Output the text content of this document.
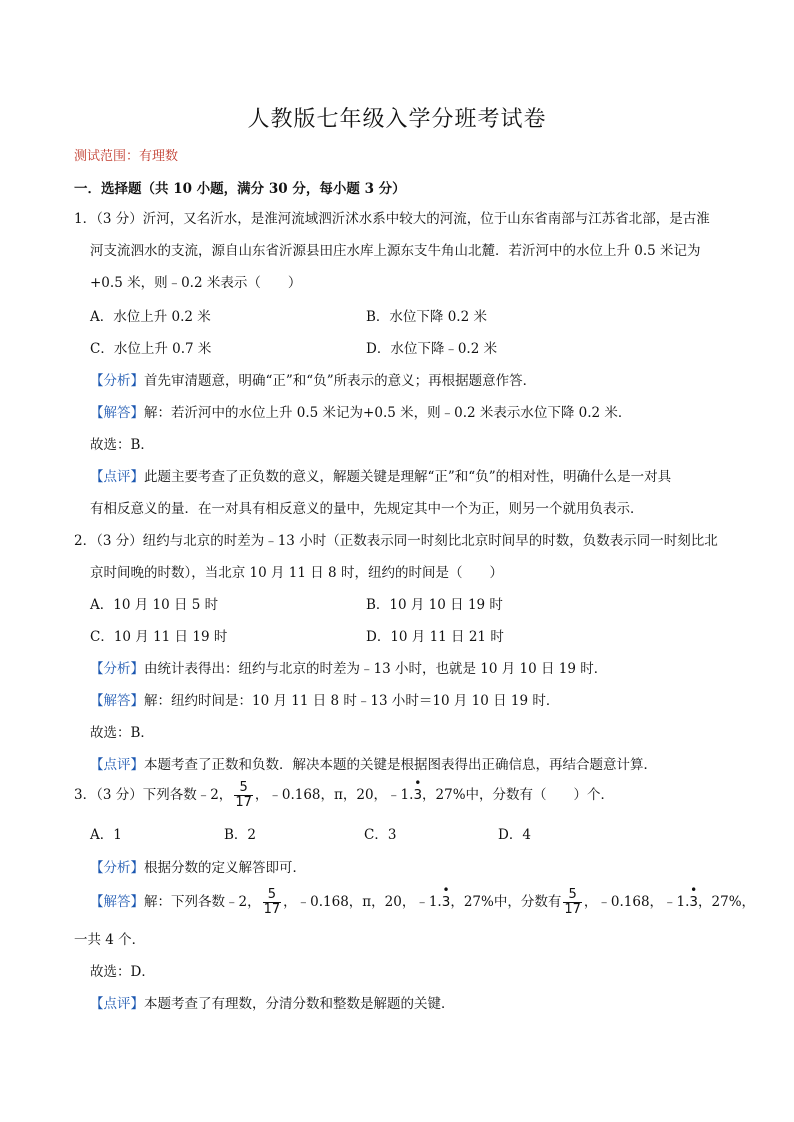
人教版七年级入学分班考试卷
测试范围：有理数
一．选择题（共 10 小题，满分 30 分，每小题 3 分）
1．（3 分）沂河，又名沂水，是淮河流域泗沂沭水系中较大的河流，位于山东省南部与江苏省北部，是古淮
河支流泗水的支流，源自山东省沂源县田庄水库上源东支牛角山北麓．若沂河中的水位上升 0.5 米记为
+0.5 米，则﹣0.2 米表示（　　）
A．水位上升 0.2 米	B．水位下降 0.2 米
C．水位上升 0.7 米	D．水位下降﹣0.2 米
【分析】首先审清题意，明确“正”和“负”所表示的意义；再根据题意作答．
【解答】解：若沂河中的水位上升 0.5 米记为+0.5 米，则﹣0.2 米表示水位下降 0.2 米．
故选：B．
【点评】此题主要考查了正负数的意义，解题关键是理解“正”和“负”的相对性，明确什么是一对具
有相反意义的量．在一对具有相反意义的量中，先规定其中一个为正，则另一个就用负表示．
2．（3 分）纽约与北京的时差为﹣13 小时（正数表示同一时刻比北京时间早的时数，负数表示同一时刻比北
京时间晚的时数），当北京 10 月 11 日 8 时，纽约的时间是（　　）
A．10 月 10 日 5 时	B．10 月 10 日 19 时
C．10 月 11 日 19 时	D．10 月 11 日 21 时
【分析】由统计表得出：纽约与北京的时差为﹣13 小时，也就是 10 月 10 日 19 时．
【解答】解：纽约时间是：10 月 11 日 8 时﹣13 小时＝10 月 10 日 19 时．
故选：B．
【点评】本题考查了正数和负数．解决本题的关键是根据图表得出正确信息，再结合题意计算．
3．（3 分）下列各数﹣2， $\frac{5}{17}$ ，﹣0.168，π，20，﹣1.
•
3，27%中，分数有（　　）个．
A．1	B．2	C．3	D．4
【分析】根据分数的定义解答即可．
【解答】解：下列各数﹣2， $\frac{5}{17}$ ，﹣0.168，π，20，﹣1.
•
3，27%中，分数有 $\frac{5}{17}$ ，﹣0.168，﹣1.
•
3，27%，
一共 4 个．
故选：D．
【点评】本题考查了有理数，分清分数和整数是解题的关键．
